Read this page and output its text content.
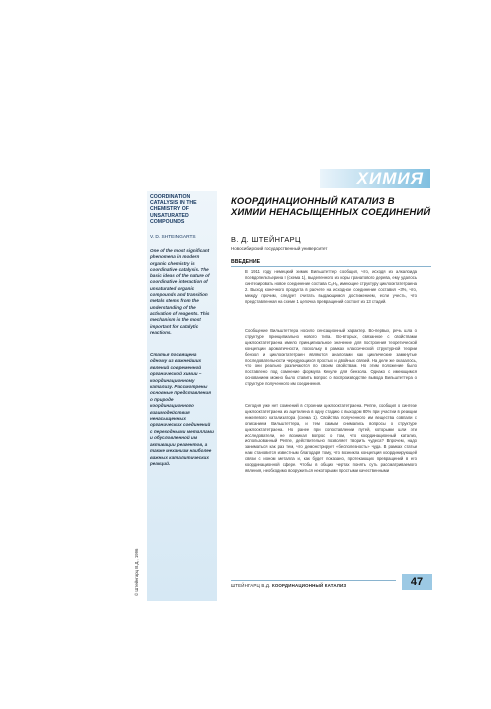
ХИМИЯ
COORDINATION CATALYSIS IN THE CHEMISTRY OF UNSATURATED COMPOUNDS
V. D. SHTEINGARTS
One of the most significant phenomena in modern organic chemistry is coordinative catalysis. The basic ideas of the nature of coordinative interaction of unsaturated organic compounds and transition metals stems from the understanding of the activation of reagents. This mechanism is the most important for catalytic reactions.
Статья посвящена одному из важнейших явлений современной органической химии – координационному катализу. Рассмотрены основные представления о природе координационного взаимодействия ненасыщенных органических соединений с переходными металлами и обусловленной им активации реагентов, а также механизм наиболее важных каталитических реакций.
© Штейнгарц В.Д., 1996
КООРДИНАЦИОННЫЙ КАТАЛИЗ В ХИМИИ НЕНАСЫЩЕННЫХ СОЕДИНЕНИЙ
В. Д. ШТЕЙНГАРЦ
Новосибирский государственный университет
ВВЕДЕНИЕ
В 1911 году немецкий химик Вильштеттер сообщил, что, исходя из алкалоида псевдопельтьерина I (схема 1), выделенного из коры гранатового дерева, ему удалось синтезировать новое соединение состава C₈H₈, имеющее структуру циклооктатетраена 2. Выход конечного продукта в расчете на исходное соединение составил ~3%, что, между прочим, следует считать выдающимся достижением, если учесть, что представленная на схеме 1 цепочка превращений состоит из 13 стадий.
Сообщение Вильштеттера носило сенсационный характер. Во-первых, речь шла о структуре принципиально нового типа. Во-вторых, связанное с свойствами циклооктатетраена имело принципиальное значение для построения теоретической концепции ароматичности, поскольку в рамках классической структурной теории бензол и циклооктатетраен являются аналогами как циклические замкнутые последовательности чередующихся простых и двойных связей. На деле же оказалось, что они реально различаются по своим свойствам. Но этим положение было поставлено под сомнение формула Кекуле для бензола. Однако с имеющимся основанием можно было ставить вопрос о воспроизводстве вывода Вильштеттера о структуре полученного им соединения.
Сегодня уже нет сомнений в строении циклооктатетраена. Реппе, сообщил о синтезе циклооктатетраена из ацетилена в одну стадию с выходом 80% при участии в реакции никелевого катализатора (схема 1). Свойства полученного им вещества совпали с описанием Вильштеттера, и тем самым снимались вопросы о структуре циклооктатетраена. Но ранее при сопоставлении путей, которыми шли эти исследователи, не возникал вопрос о том, что координационный катализ, использованный Реппе, действительно позволяет творить чудеса? Впрочем, надо заниматься как раз тем, что демонстрирует «бесполезность» чуда. В рамках статьи нам становится известным благодаря тому, что возникла концепция координирующей связи с ионом металла и, как будет показано, протекающих превращений в его координационной сфере. Чтобы в общих чертах понять суть рассматриваемого явления, необходимо вооружиться некоторыми простыми качественными
ШТЕЙНГАРЦ В.Д. КООРДИНАЦИОННЫЙ КАТАЛИЗ	47
